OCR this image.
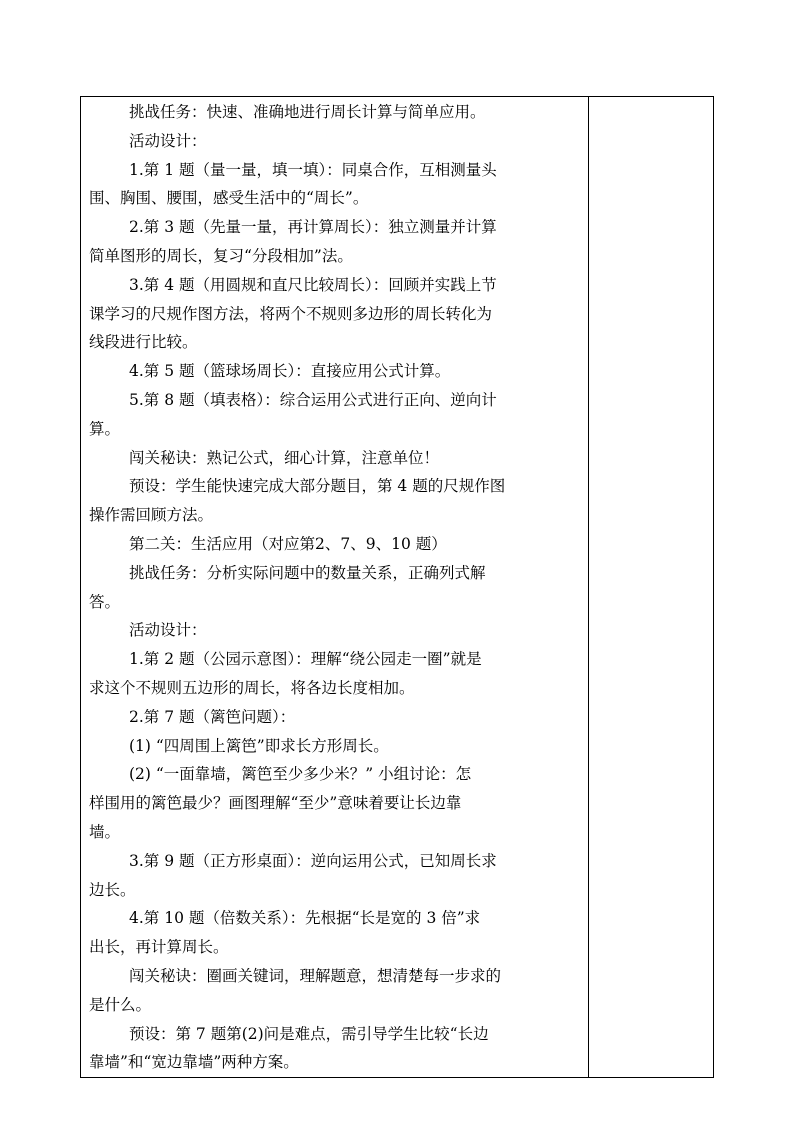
挑战任务：快速、准确地进行周长计算与简单应用。
活动设计：
1.第 1 题（量一量，填一填）：同桌合作，互相测量头
围、胸围、腰围，感受生活中的“周长”。
2.第 3 题（先量一量，再计算周长）：独立测量并计算
简单图形的周长，复习“分段相加”法。
3.第 4 题（用圆规和直尺比较周长）：回顾并实践上节
课学习的尺规作图方法，将两个不规则多边形的周长转化为
线段进行比较。
4.第 5 题（篮球场周长）：直接应用公式计算。
5.第 8 题（填表格）：综合运用公式进行正向、逆向计
算。
闯关秘诀：熟记公式，细心计算，注意单位！
预设：学生能快速完成大部分题目，第 4 题的尺规作图
操作需回顾方法。
第二关：生活应用（对应第2、7、9、10 题）
挑战任务：分析实际问题中的数量关系，正确列式解
答。
活动设计：
1.第 2 题（公园示意图）：理解“绕公园走一圈”就是
求这个不规则五边形的周长，将各边长度相加。
2.第 7 题（篱笆问题）：
(1) “四周围上篱笆”即求长方形周长。
(2) “一面靠墙，篱笆至少多少米？” 小组讨论：怎
样围用的篱笆最少？画图理解“至少”意味着要让长边靠
墙。
3.第 9 题（正方形桌面）：逆向运用公式，已知周长求
边长。
4.第 10 题（倍数关系）：先根据“长是宽的 3 倍”求
出长，再计算周长。
闯关秘诀：圈画关键词，理解题意，想清楚每一步求的
是什么。
预设：第 7 题第(2)问是难点，需引导学生比较“长边
靠墙”和“宽边靠墙”两种方案。
